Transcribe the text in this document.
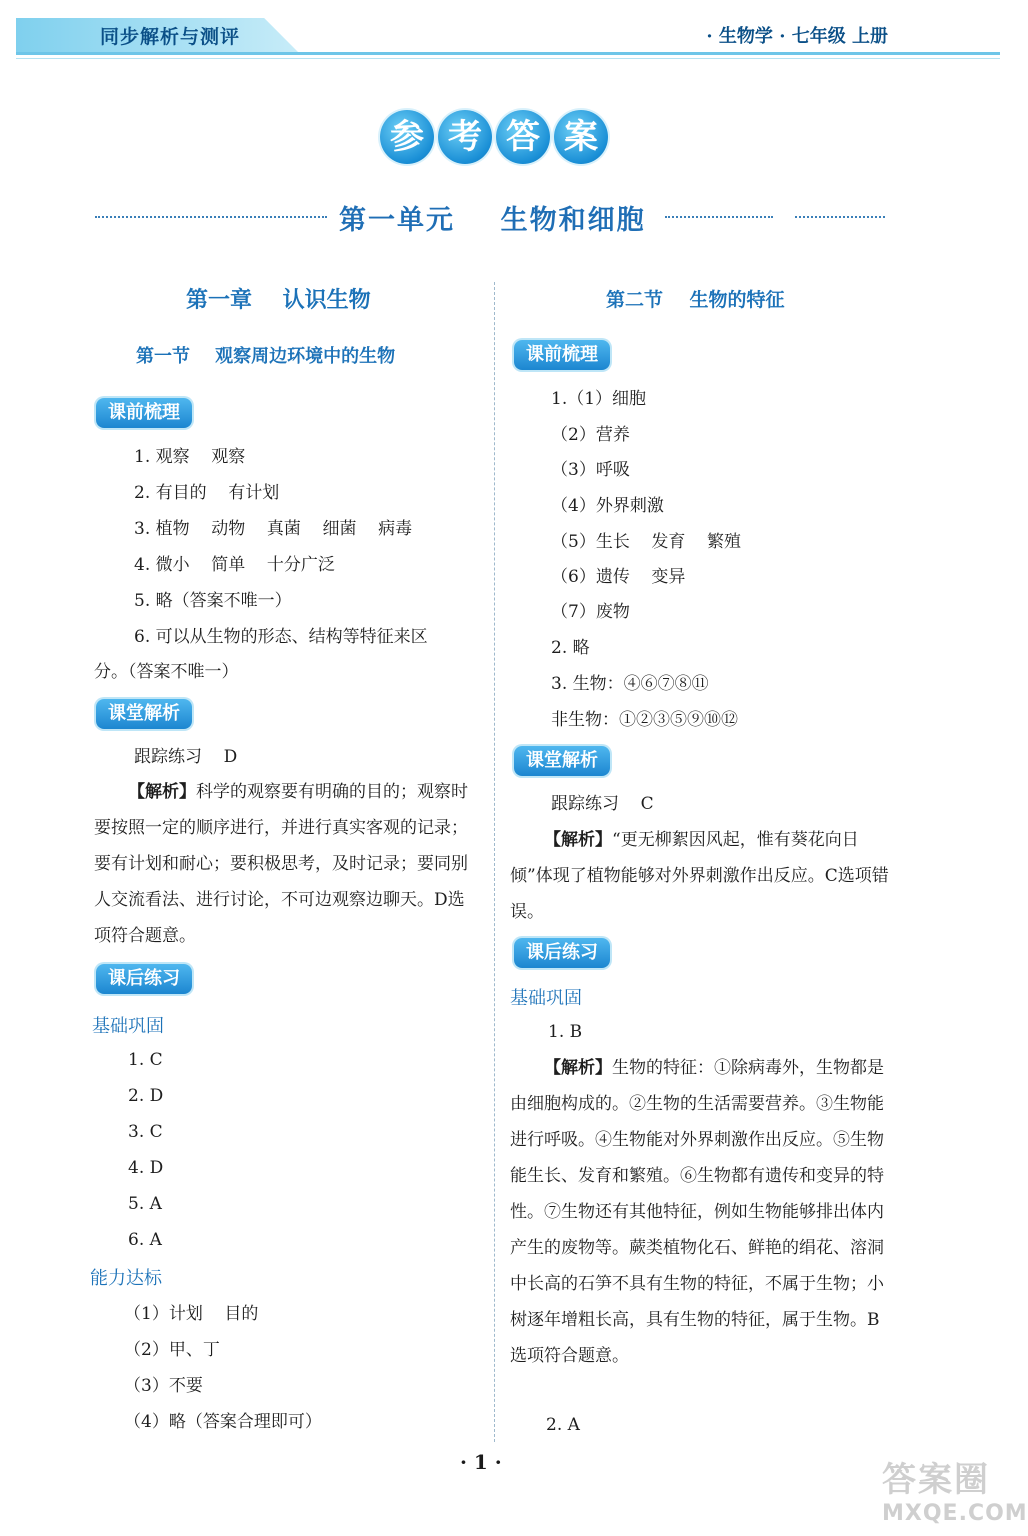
同步解析与测评	· 生物学 · 七年级 上册
参 考 答 案
第一单元    生物和细胞
第一章    认识生物
第一节    观察周边环境中的生物
课前梳理
1. 观察    观察
2. 有目的    有计划
3. 植物    动物    真菌    细菌    病毒
4. 微小    简单    十分广泛
5. 略（答案不唯一）
6. 可以从生物的形态、结构等特征来区
分。（答案不唯一）
课堂解析
跟踪练习    D
【解析】科学的观察要有明确的目的；观察时要按照一定的顺序进行，并进行真实客观的记录；要有计划和耐心；要积极思考，及时记录；要同别人交流看法、进行讨论，不可边观察边聊天。D选项符合题意。
课后练习
基础巩固
1. C
2. D
3. C
4. D
5. A
6. A
能力达标
（1）计划    目的
（2）甲、丁
（3）不要
（4）略（答案合理即可）
第二节    生物的特征
课前梳理
1.（1）细胞
（2）营养
（3）呼吸
（4）外界刺激
（5）生长    发育    繁殖
（6）遗传    变异
（7）废物
2. 略
3. 生物：④⑥⑦⑧⑪
非生物：①②③⑤⑨⑩⑫
课堂解析
跟踪练习    C
【解析】“更无柳絮因风起，惟有葵花向日倾”体现了植物能够对外界刺激作出反应。C选项错误。
课后练习
基础巩固
1. B
【解析】生物的特征：①除病毒外，生物都是由细胞构成的。②生物的生活需要营养。③生物能进行呼吸。④生物能对外界刺激作出反应。⑤生物能生长、发育和繁殖。⑥生物都有遗传和变异的特性。⑦生物还有其他特征，例如生物能够排出体内产生的废物等。蕨类植物化石、鲜艳的绢花、溶洞中长高的石笋不具有生物的特征，不属于生物；小树逐年增粗长高，具有生物的特征，属于生物。B选项符合题意。
2. A
· 1 ·	答案圈
MXQE.COM
